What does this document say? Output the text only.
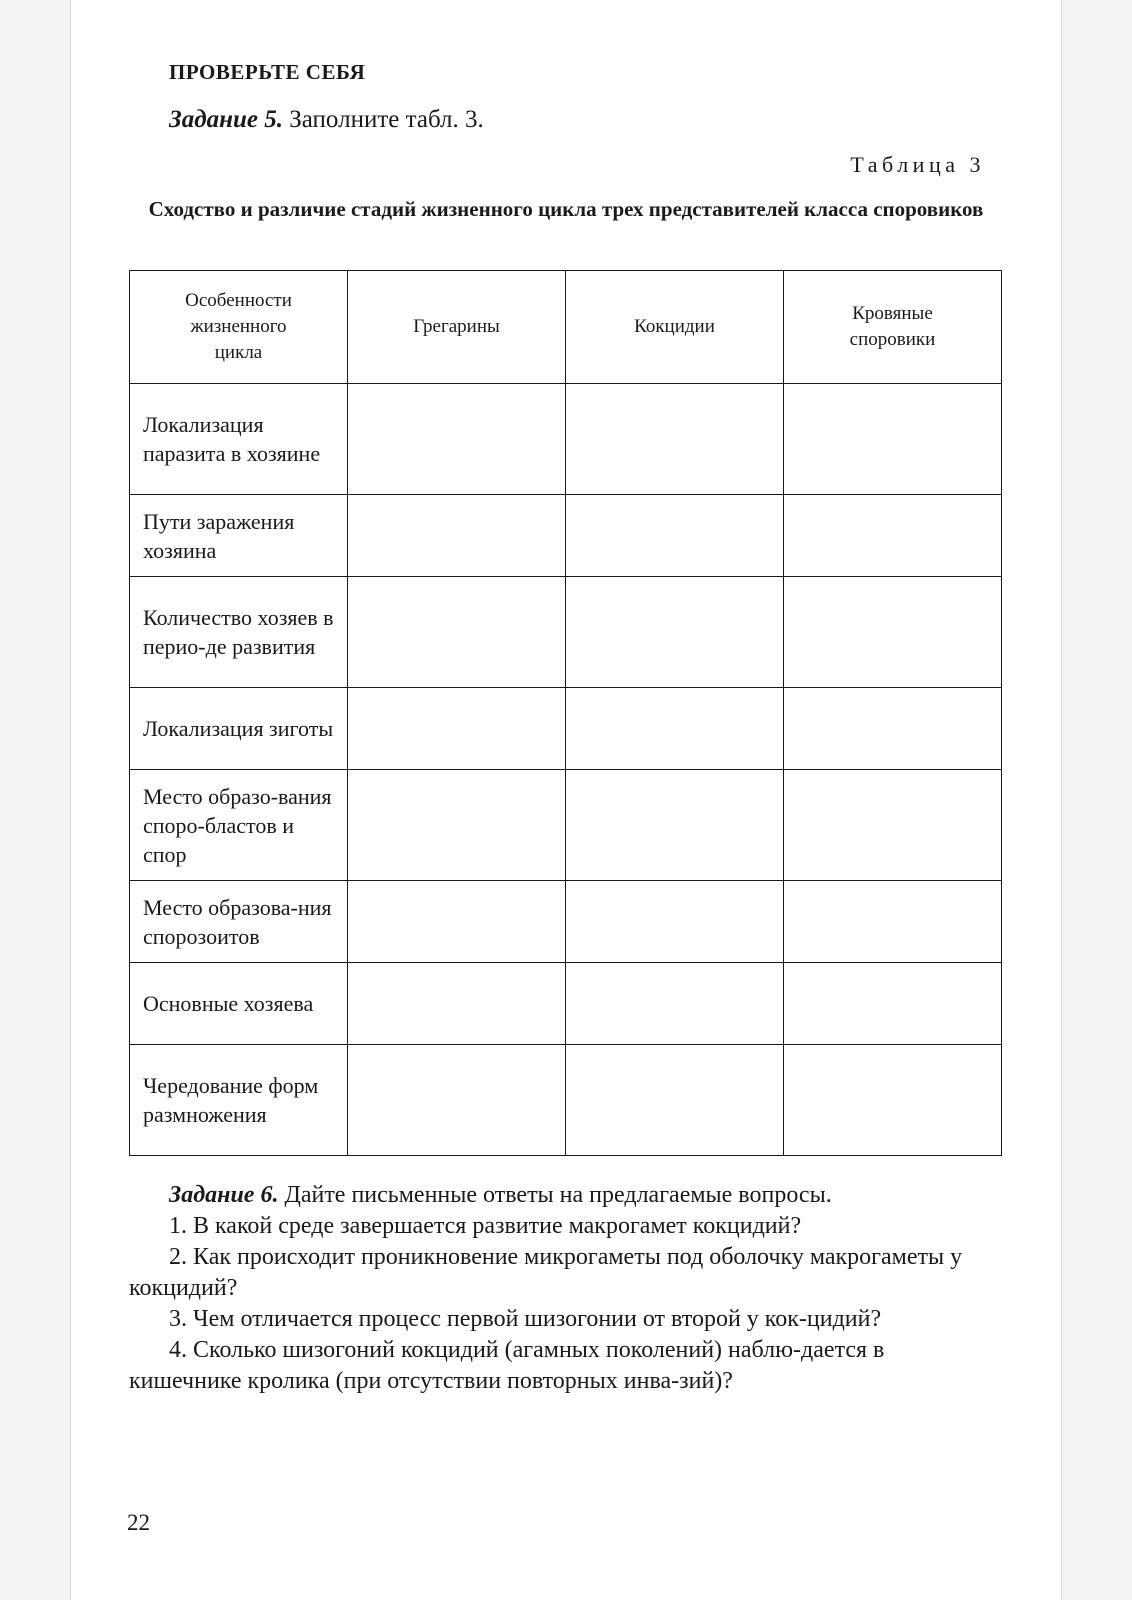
ПРОВЕРЬТЕ СЕБЯ
Задание 5. Заполните табл. 3.
Таблица 3
Сходство и различие стадий жизненного цикла трех представителей класса споровиков
Особенности жизненного цикла	Грегарины	Кокцидии	Кровяные споровики

Локализация паразита в хозяине			
Пути заражения хозяина			
Количество хозяев в перио-де развития			
Локализация зиготы			
Место образо-вания споро-бластов и спор			
Место образова-ния спорозоитов			
Основные хозяева			
Чередование форм размножения			
Задание 6. Дайте письменные ответы на предлагаемые вопросы.
1. В какой среде завершается развитие макрогамет кокцидий?
2. Как происходит проникновение микрогаметы под оболочку макрогаметы у кокцидий?
3. Чем отличается процесс первой шизогонии от второй у кок-цидий?
4. Сколько шизогоний кокцидий (агамных поколений) наблю-дается в кишечнике кролика (при отсутствии повторных инва-зий)?
22
